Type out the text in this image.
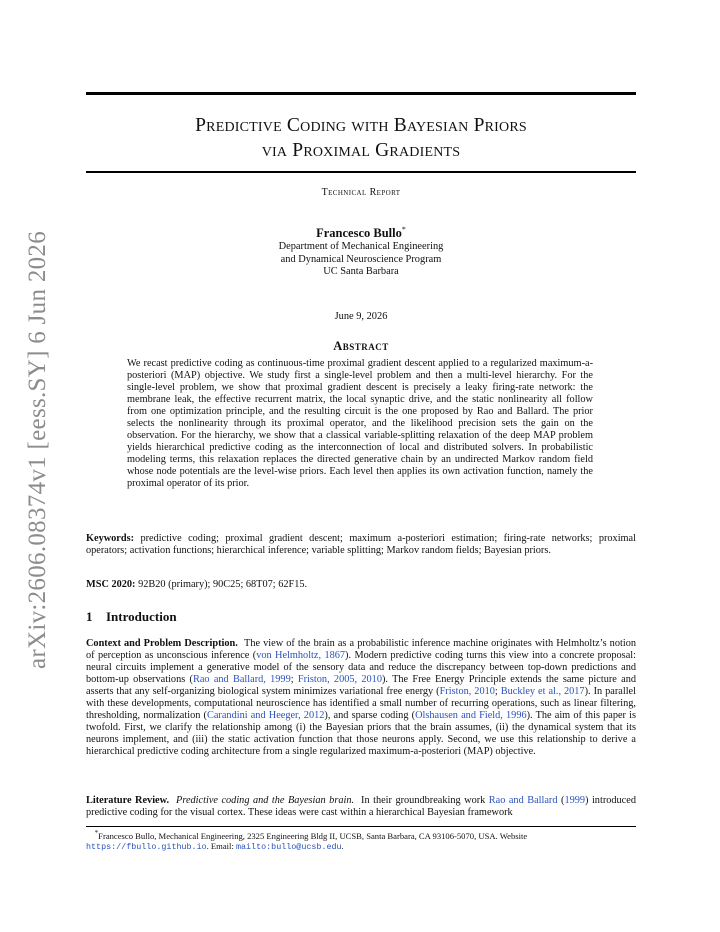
arXiv:2606.08374v1 [eess.SY] 6 Jun 2026
Predictive Coding with Bayesian Priors
via Proximal Gradients
Technical Report
Francesco Bullo*
Department of Mechanical Engineering
and Dynamical Neuroscience Program
UC Santa Barbara
June 9, 2026
Abstract
We recast predictive coding as continuous-time proximal gradient descent applied to a regularized maximum-a-posteriori (MAP) objective. We study first a single-level problem and then a multi-level hierarchy. For the single-level problem, we show that proximal gradient descent is precisely a leaky firing-rate network: the membrane leak, the effective recurrent matrix, the local synaptic drive, and the static nonlinearity all follow from one optimization principle, and the resulting circuit is the one proposed by Rao and Ballard. The prior selects the nonlinearity through its proximal operator, and the likelihood precision sets the gain on the observation. For the hierarchy, we show that a classical variable-splitting relaxation of the deep MAP problem yields hierarchical predictive coding as the interconnection of local and distributed solvers. In probabilistic modeling terms, this relaxation replaces the directed generative chain by an undirected Markov random field whose node potentials are the level-wise priors. Each level then applies its own activation function, namely the proximal operator of its prior.
Keywords: predictive coding; proximal gradient descent; maximum a-posteriori estimation; firing-rate networks; proximal operators; activation functions; hierarchical inference; variable splitting; Markov random fields; Bayesian priors.
MSC 2020: 92B20 (primary); 90C25; 68T07; 62F15.
1 Introduction
Context and Problem Description. The view of the brain as a probabilistic inference machine originates with Helmholtz’s notion of perception as unconscious inference (von Helmholtz, 1867). Modern predictive coding turns this view into a concrete proposal: neural circuits implement a generative model of the sensory data and reduce the discrepancy between top-down predictions and bottom-up observations (Rao and Ballard, 1999; Friston, 2005, 2010). The Free Energy Principle extends the same picture and asserts that any self-organizing biological system minimizes variational free energy (Friston, 2010; Buckley et al., 2017). In parallel with these developments, computational neuroscience has identified a small number of recurring operations, such as linear filtering, thresholding, normalization (Carandini and Heeger, 2012), and sparse coding (Olshausen and Field, 1996). The aim of this paper is twofold. First, we clarify the relationship among (i) the Bayesian priors that the brain assumes, (ii) the dynamical system that its neurons implement, and (iii) the static activation function that those neurons apply. Second, we use this relationship to derive a hierarchical predictive coding architecture from a single regularized maximum-a-posteriori (MAP) objective.
Literature Review. Predictive coding and the Bayesian brain. In their groundbreaking work Rao and Ballard (1999) introduced predictive coding for the visual cortex. These ideas were cast within a hierarchical Bayesian framework
*Francesco Bullo, Mechanical Engineering, 2325 Engineering Bldg II, UCSB, Santa Barbara, CA 93106-5070, USA. Website https://fbullo.github.io. Email: mailto:bullo@ucsb.edu.
